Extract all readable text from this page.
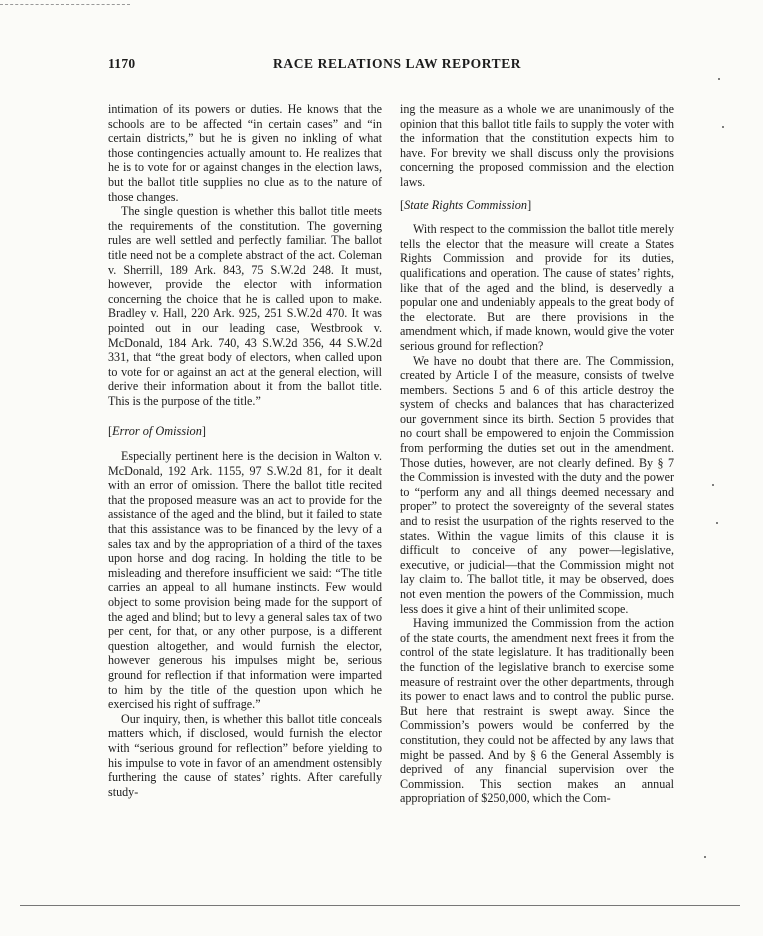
1170	RACE RELATIONS LAW REPORTER

intimation of its powers or duties. He knows that the schools are to be affected “in certain cases” and “in certain districts,” but he is given no inkling of what those contingencies actually amount to. He realizes that he is to vote for or against changes in the election laws, but the ballot title supplies no clue as to the nature of those changes.

The single question is whether this ballot title meets the requirements of the constitution. The governing rules are well settled and perfectly familiar. The ballot title need not be a complete abstract of the act. Coleman v. Sherrill, 189 Ark. 843, 75 S.W.2d 248. It must, however, provide the elector with information concerning the choice that he is called upon to make. Bradley v. Hall, 220 Ark. 925, 251 S.W.2d 470. It was pointed out in our leading case, Westbrook v. McDonald, 184 Ark. 740, 43 S.W.2d 356, 44 S.W.2d 331, that “the great body of electors, when called upon to vote for or against an act at the general election, will derive their information about it from the ballot title. This is the purpose of the title.”

[Error of Omission]

Especially pertinent here is the decision in Walton v. McDonald, 192 Ark. 1155, 97 S.W.2d 81, for it dealt with an error of omission. There the ballot title recited that the proposed measure was an act to provide for the assistance of the aged and the blind, but it failed to state that this assistance was to be financed by the levy of a sales tax and by the appropriation of a third of the taxes upon horse and dog racing. In holding the title to be misleading and therefore insufficient we said: “The title carries an appeal to all humane instincts. Few would object to some provision being made for the support of the aged and blind; but to levy a general sales tax of two per cent, for that, or any other purpose, is a different question altogether, and would furnish the elector, however generous his impulses might be, serious ground for reflection if that information were imparted to him by the title of the question upon which he exercised his right of suffrage.”

Our inquiry, then, is whether this ballot title conceals matters which, if disclosed, would furnish the elector with “serious ground for reflection” before yielding to his impulse to vote in favor of an amendment ostensibly furthering the cause of states’ rights. After carefully study-

ing the measure as a whole we are unanimously of the opinion that this ballot title fails to supply the voter with the information that the constitution expects him to have. For brevity we shall discuss only the provisions concerning the proposed commission and the election laws.

[State Rights Commission]

With respect to the commission the ballot title merely tells the elector that the measure will create a States Rights Commission and provide for its duties, qualifications and operation. The cause of states’ rights, like that of the aged and the blind, is deservedly a popular one and undeniably appeals to the great body of the electorate. But are there provisions in the amendment which, if made known, would give the voter serious ground for reflection?

We have no doubt that there are. The Commission, created by Article I of the measure, consists of twelve members. Sections 5 and 6 of this article destroy the system of checks and balances that has characterized our government since its birth. Section 5 provides that no court shall be empowered to enjoin the Commission from performing the duties set out in the amendment. Those duties, however, are not clearly defined. By § 7 the Commission is invested with the duty and the power to “perform any and all things deemed necessary and proper” to protect the sovereignty of the several states and to resist the usurpation of the rights reserved to the states. Within the vague limits of this clause it is difficult to conceive of any power—legislative, executive, or judicial—that the Commission might not lay claim to. The ballot title, it may be observed, does not even mention the powers of the Commission, much less does it give a hint of their unlimited scope.

Having immunized the Commission from the action of the state courts, the amendment next frees it from the control of the state legislature. It has traditionally been the function of the legislative branch to exercise some measure of restraint over the other departments, through its power to enact laws and to control the public purse. But here that restraint is swept away. Since the Commission’s powers would be conferred by the constitution, they could not be affected by any laws that might be passed. And by § 6 the General Assembly is deprived of any financial supervision over the Commission. This section makes an annual appropriation of $250,000, which the Com-
